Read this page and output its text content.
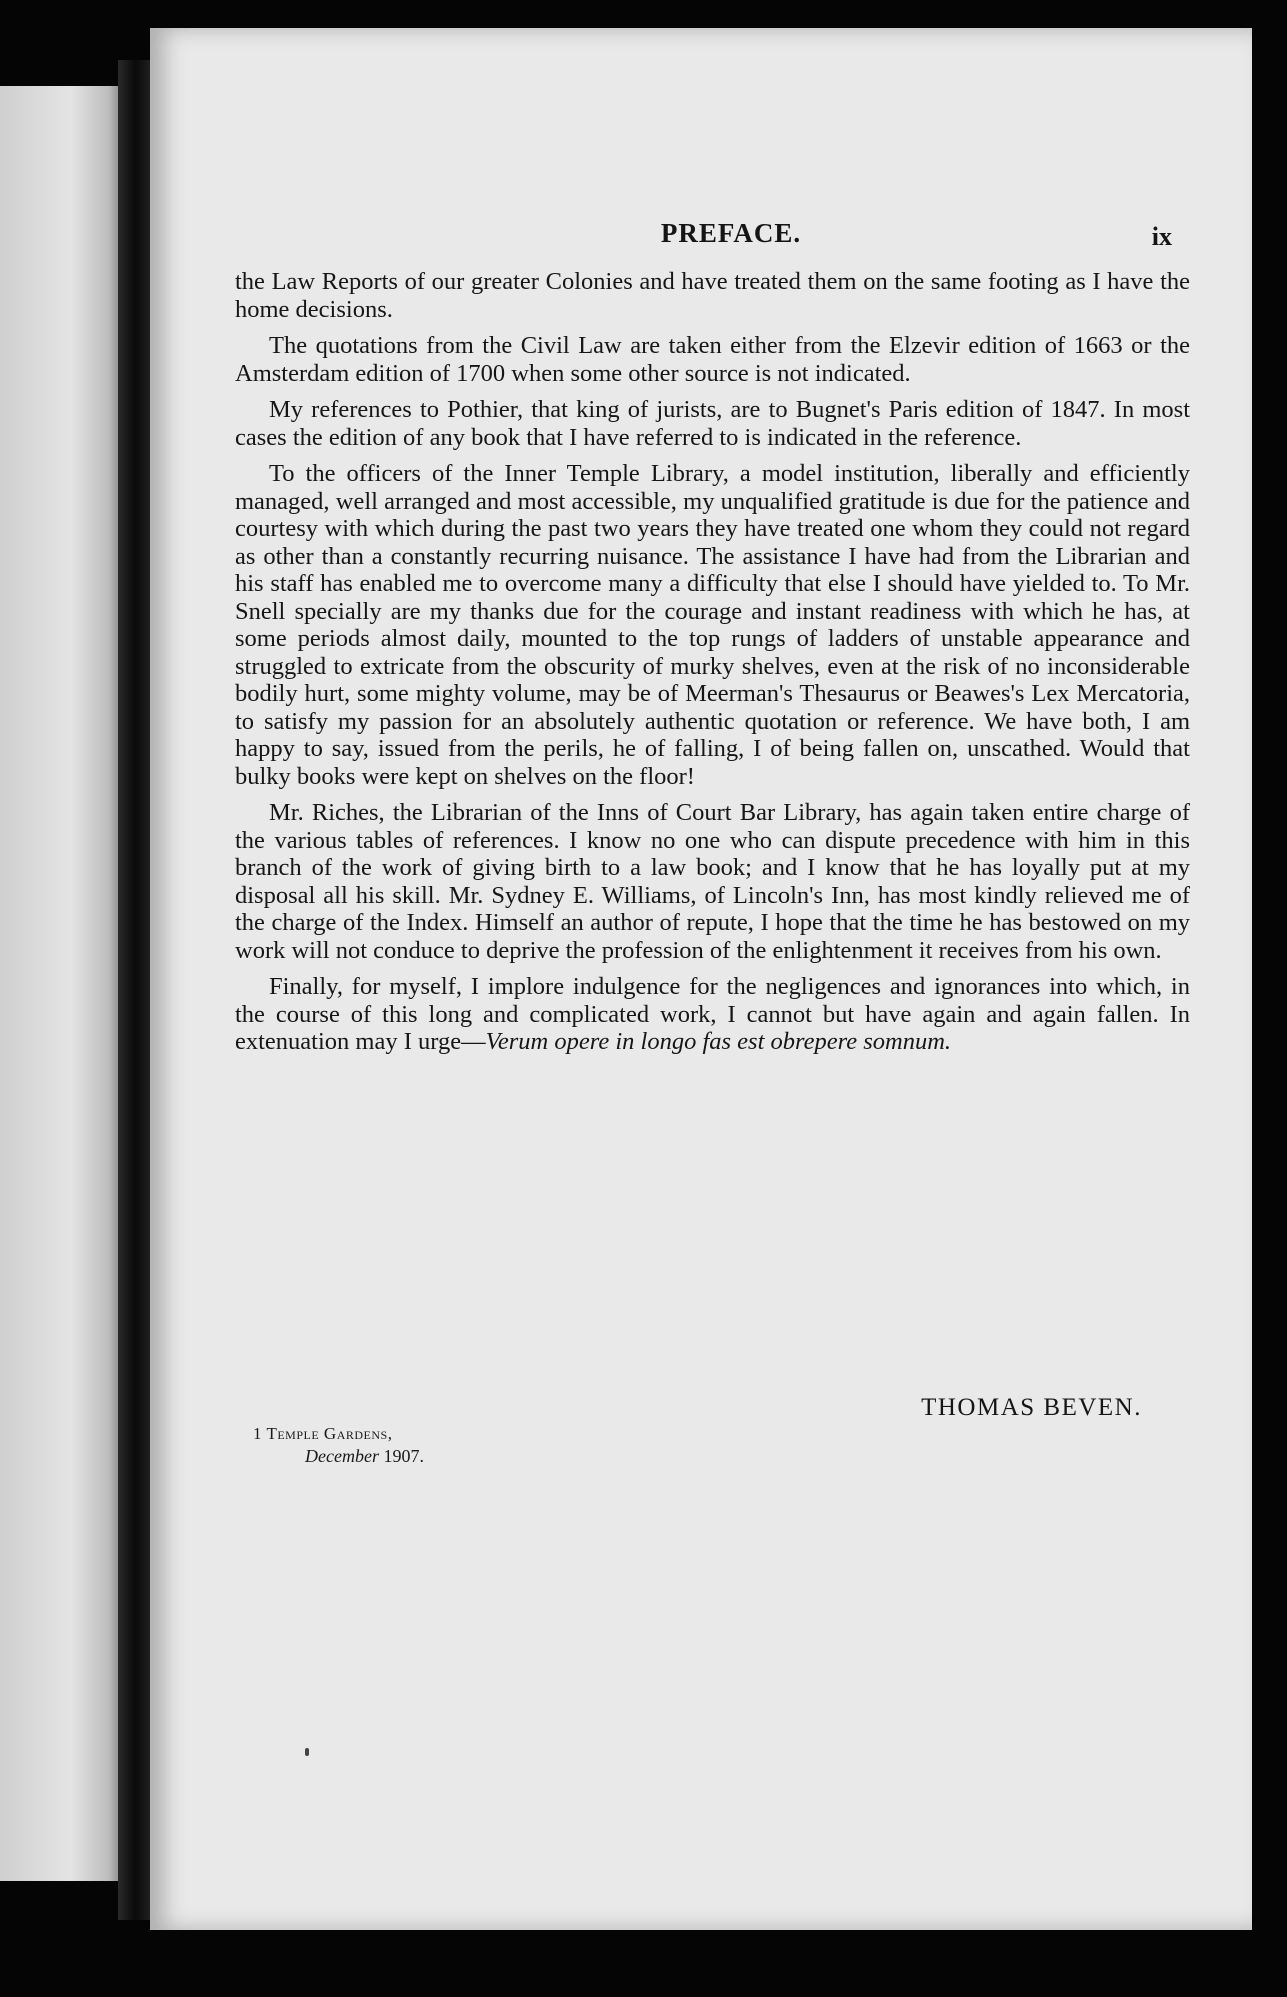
PREFACE.	ix

the Law Reports of our greater Colonies and have treated them on the same footing as I have the home decisions.

The quotations from the Civil Law are taken either from the Elzevir edition of 1663 or the Amsterdam edition of 1700 when some other source is not indicated.

My references to Pothier, that king of jurists, are to Bugnet's Paris edition of 1847. In most cases the edition of any book that I have referred to is indicated in the reference.

To the officers of the Inner Temple Library, a model institution, liberally and efficiently managed, well arranged and most accessible, my unqualified gratitude is due for the patience and courtesy with which during the past two years they have treated one whom they could not regard as other than a constantly recurring nuisance. The assistance I have had from the Librarian and his staff has enabled me to overcome many a difficulty that else I should have yielded to. To Mr. Snell specially are my thanks due for the courage and instant readiness with which he has, at some periods almost daily, mounted to the top rungs of ladders of unstable appearance and struggled to extricate from the obscurity of murky shelves, even at the risk of no inconsiderable bodily hurt, some mighty volume, may be of Meerman's Thesaurus or Beawes's Lex Mercatoria, to satisfy my passion for an absolutely authentic quotation or reference. We have both, I am happy to say, issued from the perils, he of falling, I of being fallen on, unscathed. Would that bulky books were kept on shelves on the floor!

Mr. Riches, the Librarian of the Inns of Court Bar Library, has again taken entire charge of the various tables of references. I know no one who can dispute precedence with him in this branch of the work of giving birth to a law book; and I know that he has loyally put at my disposal all his skill. Mr. Sydney E. Williams, of Lincoln's Inn, has most kindly relieved me of the charge of the Index. Himself an author of repute, I hope that the time he has bestowed on my work will not conduce to deprive the profession of the enlightenment it receives from his own.

Finally, for myself, I implore indulgence for the negligences and ignorances into which, in the course of this long and complicated work, I cannot but have again and again fallen. In extenuation may I urge—Verum opere in longo fas est obrepere somnum.

THOMAS BEVEN.
1 Temple Gardens,
December 1907.
